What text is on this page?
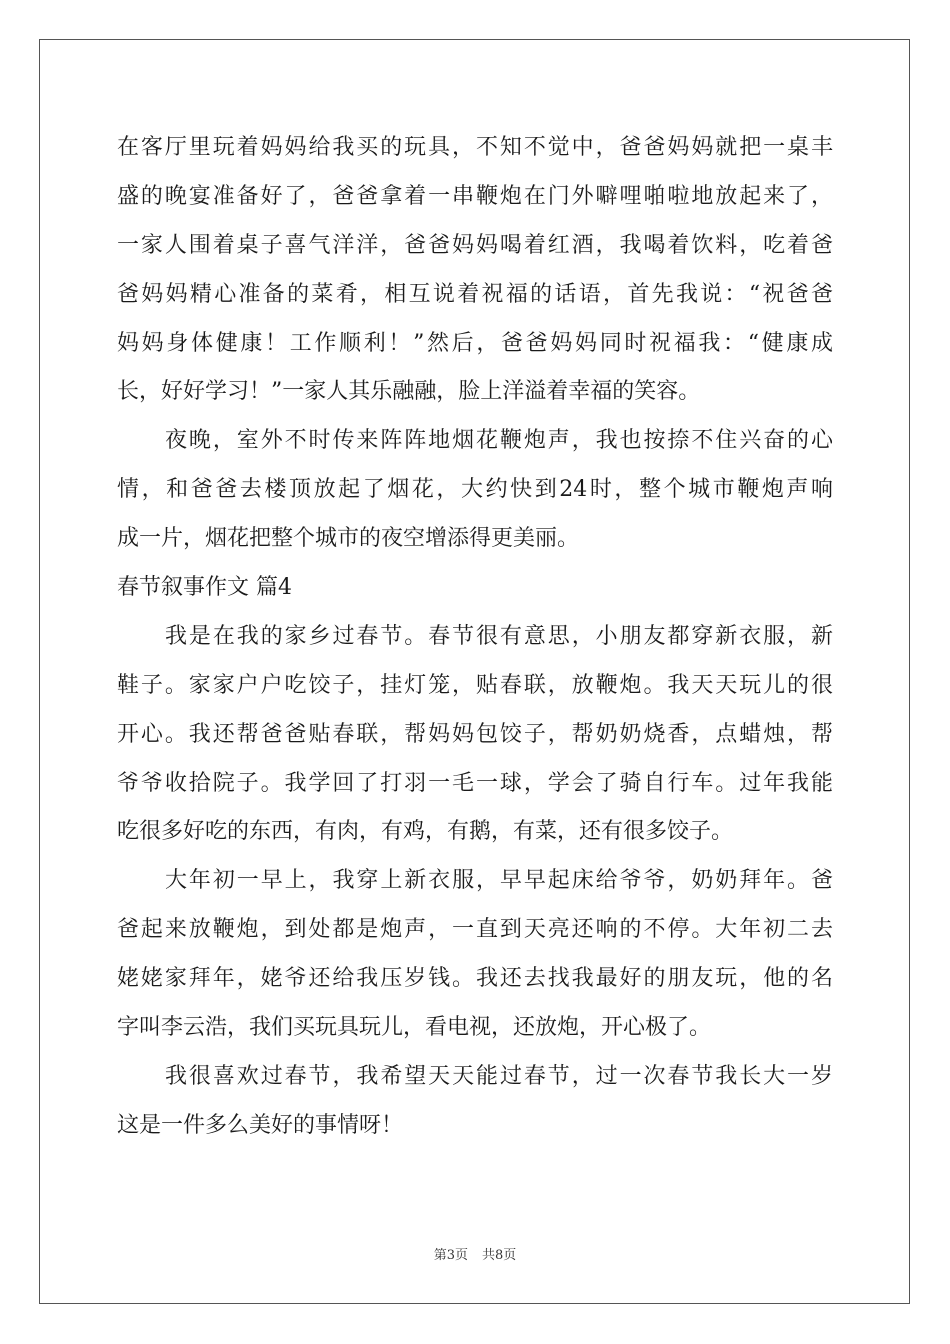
在客厅里玩着妈妈给我买的玩具，不知不觉中，爸爸妈妈就把一桌丰
盛的晚宴准备好了，爸爸拿着一串鞭炮在门外噼哩啪啦地放起来了，
一家人围着桌子喜气洋洋，爸爸妈妈喝着红酒，我喝着饮料，吃着爸
爸妈妈精心准备的菜肴，相互说着祝福的话语，首先我说：“祝爸爸
妈妈身体健康！工作顺利！”然后，爸爸妈妈同时祝福我：“健康成
长，好好学习！”一家人其乐融融，脸上洋溢着幸福的笑容。
夜晚，室外不时传来阵阵地烟花鞭炮声，我也按捺不住兴奋的心
情，和爸爸去楼顶放起了烟花，大约快到24时，整个城市鞭炮声响
成一片，烟花把整个城市的夜空增添得更美丽。
春节叙事作文 篇4
我是在我的家乡过春节。春节很有意思，小朋友都穿新衣服，新
鞋子。家家户户吃饺子，挂灯笼，贴春联，放鞭炮。我天天玩儿的很
开心。我还帮爸爸贴春联，帮妈妈包饺子，帮奶奶烧香，点蜡烛，帮
爷爷收拾院子。我学回了打羽一毛一球，学会了骑自行车。过年我能
吃很多好吃的东西，有肉，有鸡，有鹅，有菜，还有很多饺子。
大年初一早上，我穿上新衣服，早早起床给爷爷，奶奶拜年。爸
爸起来放鞭炮，到处都是炮声，一直到天亮还响的不停。大年初二去
姥姥家拜年，姥爷还给我压岁钱。我还去找我最好的朋友玩，他的名
字叫李云浩，我们买玩具玩儿，看电视，还放炮，开心极了。
我很喜欢过春节，我希望天天能过春节，过一次春节我长大一岁
这是一件多么美好的事情呀！
第3页 共8页
